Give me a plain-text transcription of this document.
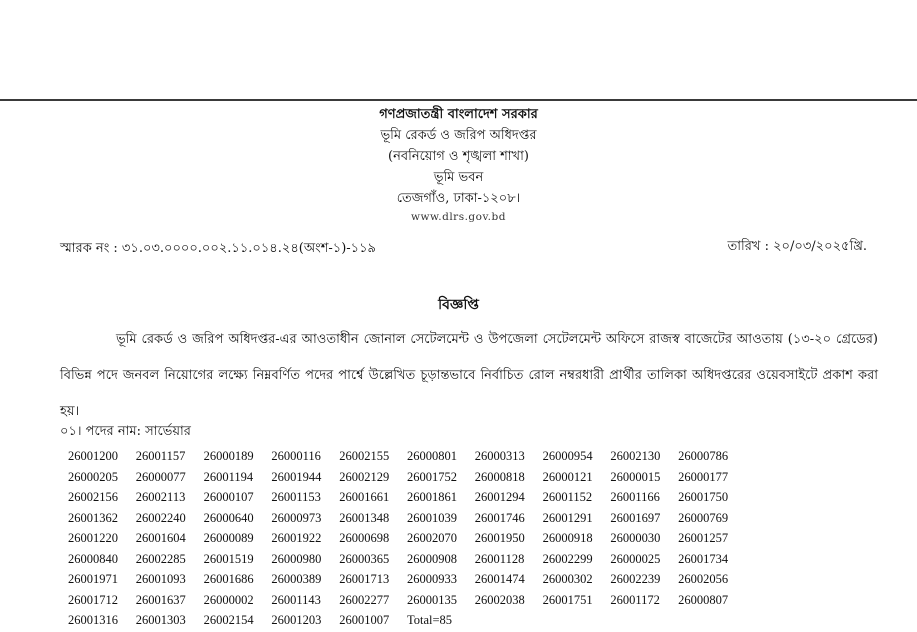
গণপ্রজাতন্ত্রী বাংলাদেশ সরকার
ভূমি রেকর্ড ও জরিপ অধিদপ্তর
(নবনিয়োগ ও শৃঙ্খলা শাখা)
ভূমি ভবন
তেজগাঁও, ঢাকা-১২০৮।
www.dlrs.gov.bd
স্মারক নং : ৩১.০৩.০০০০.০০২.১১.০১৪.২৪(অংশ-১)-১১৯	তারিখ : ২০/০৩/২০২৫খ্রি.
বিজ্ঞপ্তি
ভূমি রেকর্ড ও জরিপ অধিদপ্তর-এর আওতাধীন জোনাল সেটেলমেন্ট ও উপজেলা সেটেলমেন্ট অফিসে রাজস্ব বাজেটের আওতায় (১৩-২০ গ্রেডের) বিভিন্ন পদে জনবল নিয়োগের লক্ষ্যে নিম্নবর্ণিত পদের পার্শ্বে উল্লেখিত চূড়ান্তভাবে নির্বাচিত রোল নম্বরধারী প্রার্থীর তালিকা অধিদপ্তরের ওয়েবসাইটে প্রকাশ করা হয়।
০১। পদের নাম: সার্ভেয়ার
26001200 26001157 26000189 26000116 26002155 26000801 26000313 26000954 26002130 26000786
26000205 26000077 26001194 26001944 26002129 26001752 26000818 26000121 26000015 26000177
26002156 26002113 26000107 26001153 26001661 26001861 26001294 26001152 26001166 26001750
26001362 26002240 26000640 26000973 26001348 26001039 26001746 26001291 26001697 26000769
26001220 26001604 26000089 26001922 26000698 26002070 26001950 26000918 26000030 26001257
26000840 26002285 26001519 26000980 26000365 26000908 26001128 26002299 26000025 26001734
26001971 26001093 26001686 26000389 26001713 26000933 26001474 26000302 26002239 26002056
26001712 26001637 26000002 26001143 26002277 26000135 26002038 26001751 26001172 26000807
26001316 26001303 26002154 26001203 26001007 Total=85
